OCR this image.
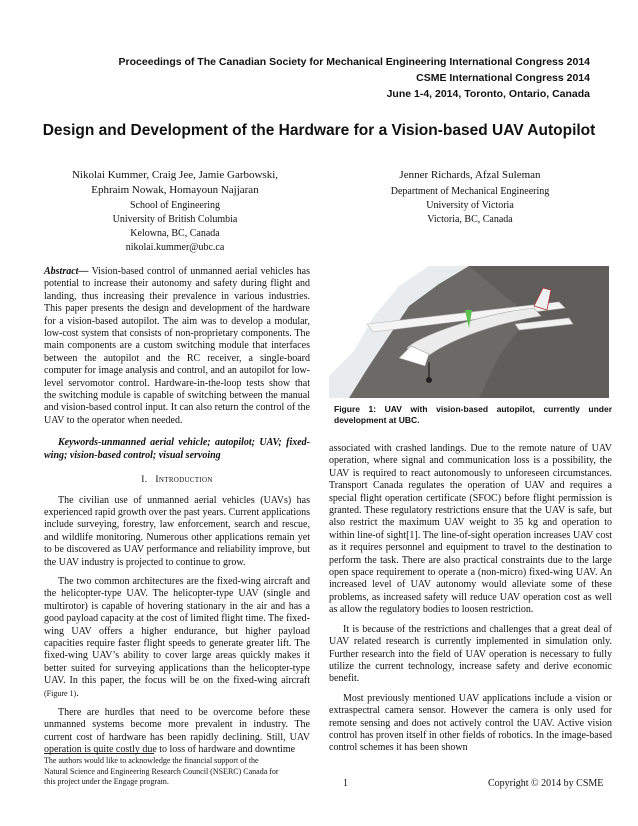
Proceedings of The Canadian Society for Mechanical Engineering International Congress 2014
CSME International Congress 2014
June 1-4, 2014, Toronto, Ontario, Canada
Design and Development of the Hardware for a Vision-based UAV Autopilot
Nikolai Kummer, Craig Jee, Jamie Garbowski,
Ephraim Nowak, Homayoun Najjaran
School of Engineering
University of British Columbia
Kelowna, BC, Canada
nikolai.kummer@ubc.ca
Jenner Richards, Afzal Suleman
Department of Mechanical Engineering
University of Victoria
Victoria, BC, Canada

Abstract— Vision-based control of unmanned aerial vehicles has potential to increase their autonomy and safety during flight and landing, thus increasing their prevalence in various industries. This paper presents the design and development of the hardware for a vision-based autopilot. The aim was to develop a modular, low-cost system that consists of non-proprietary components. The main components are a custom switching module that interfaces between the autopilot and the RC receiver, a single-board computer for image analysis and control, and an autopilot for low-level servomotor control. Hardware-in-the-loop tests show that the switching module is capable of switching between the manual and vision-based control input. It can also return the control of the UAV to the operator when needed.

Keywords-unmanned aerial vehicle; autopilot; UAV; fixed-wing; vision-based control; visual servoing

I. Introduction

The civilian use of unmanned aerial vehicles (UAVs) has experienced rapid growth over the past years. Current applications include surveying, forestry, law enforcement, search and rescue, and wildlife monitoring. Numerous other applications remain yet to be discovered as UAV performance and reliability improve, but the UAV industry is projected to continue to grow.

The two common architectures are the fixed-wing aircraft and the helicopter-type UAV. The helicopter-type UAV (single and multirotor) is capable of hovering stationary in the air and has a good payload capacity at the cost of limited flight time. The fixed-wing UAV offers a higher endurance, but higher payload capacities require faster flight speeds to generate greater lift. The fixed-wing UAV’s ability to cover large areas quickly makes it better suited for surveying applications than the helicopter-type UAV. In this paper, the focus will be on the fixed-wing aircraft (Figure 1).

There are hurdles that need to be overcome before these unmanned systems become more prevalent in industry. The current cost of hardware has been rapidly declining. Still, UAV operation is quite costly due to loss of hardware and downtime

Figure 1: UAV with vision-based autopilot, currently under development at UBC.

associated with crashed landings. Due to the remote nature of UAV operation, where signal and communication loss is a possibility, the UAV is required to react autonomously to unforeseen circumstances. Transport Canada regulates the operation of UAV and requires a special flight operation certificate (SFOC) before flight permission is granted. These regulatory restrictions ensure that the UAV is safe, but also restrict the maximum UAV weight to 35 kg and operation to within line-of sight[1]. The line-of-sight operation increases UAV cost as it requires personnel and equipment to travel to the destination to perform the task. There are also practical constraints due to the large open space requirement to operate a (non-micro) fixed-wing UAV. An increased level of UAV autonomy would alleviate some of these problems, as increased safety will reduce UAV operation cost as well as allow the regulatory bodies to loosen restriction.

It is because of the restrictions and challenges that a great deal of UAV related research is currently implemented in simulation only. Further research into the field of UAV operation is necessary to fully utilize the current technology, increase safety and derive economic benefit.

Most previously mentioned UAV applications include a vision or extraspectral camera sensor. However the camera is only used for remote sensing and does not actively control the UAV. Active vision control has proven itself in other fields of robotics. In the image-based control schemes it has been shown

The authors would like to acknowledge the financial support of the
Natural Science and Engineering Research Council (NSERC) Canada for
this project under the Engage program.	1	Copyright © 2014 by CSME
